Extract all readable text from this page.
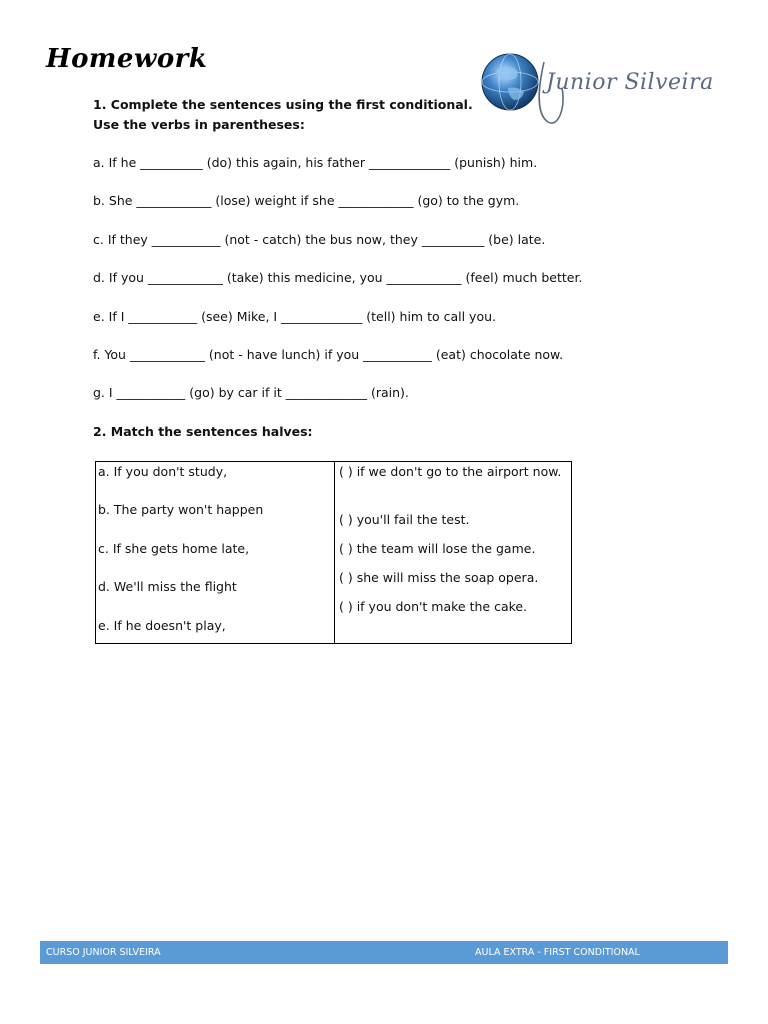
Homework
Junior Silveira
1. Complete the sentences using the first conditional.
Use the verbs in parentheses:
a. If he __________ (do) this again, his father _____________ (punish) him.
b. She ____________ (lose) weight if she ____________ (go) to the gym.
c. If they ___________ (not - catch) the bus now, they __________ (be) late.
d. If you ____________ (take) this medicine, you ____________ (feel) much better.
e. If I ___________ (see) Mike, I _____________ (tell) him to call you.
f. You ____________ (not - have lunch) if you ___________ (eat) chocolate now.
g. I ___________ (go) by car if it _____________ (rain).
2. Match the sentences halves:
a. If you don't study,
b. The party won't happen
c. If she gets home late,
d. We'll miss the flight
e. If he doesn't play,
( ) if we don't go to the airport now.
( ) you'll fail the test.
( ) the team will lose the game.
( ) she will miss the soap opera.
( ) if you don't make the cake.
CURSO JUNIOR SILVEIRA	AULA EXTRA - FIRST CONDITIONAL
